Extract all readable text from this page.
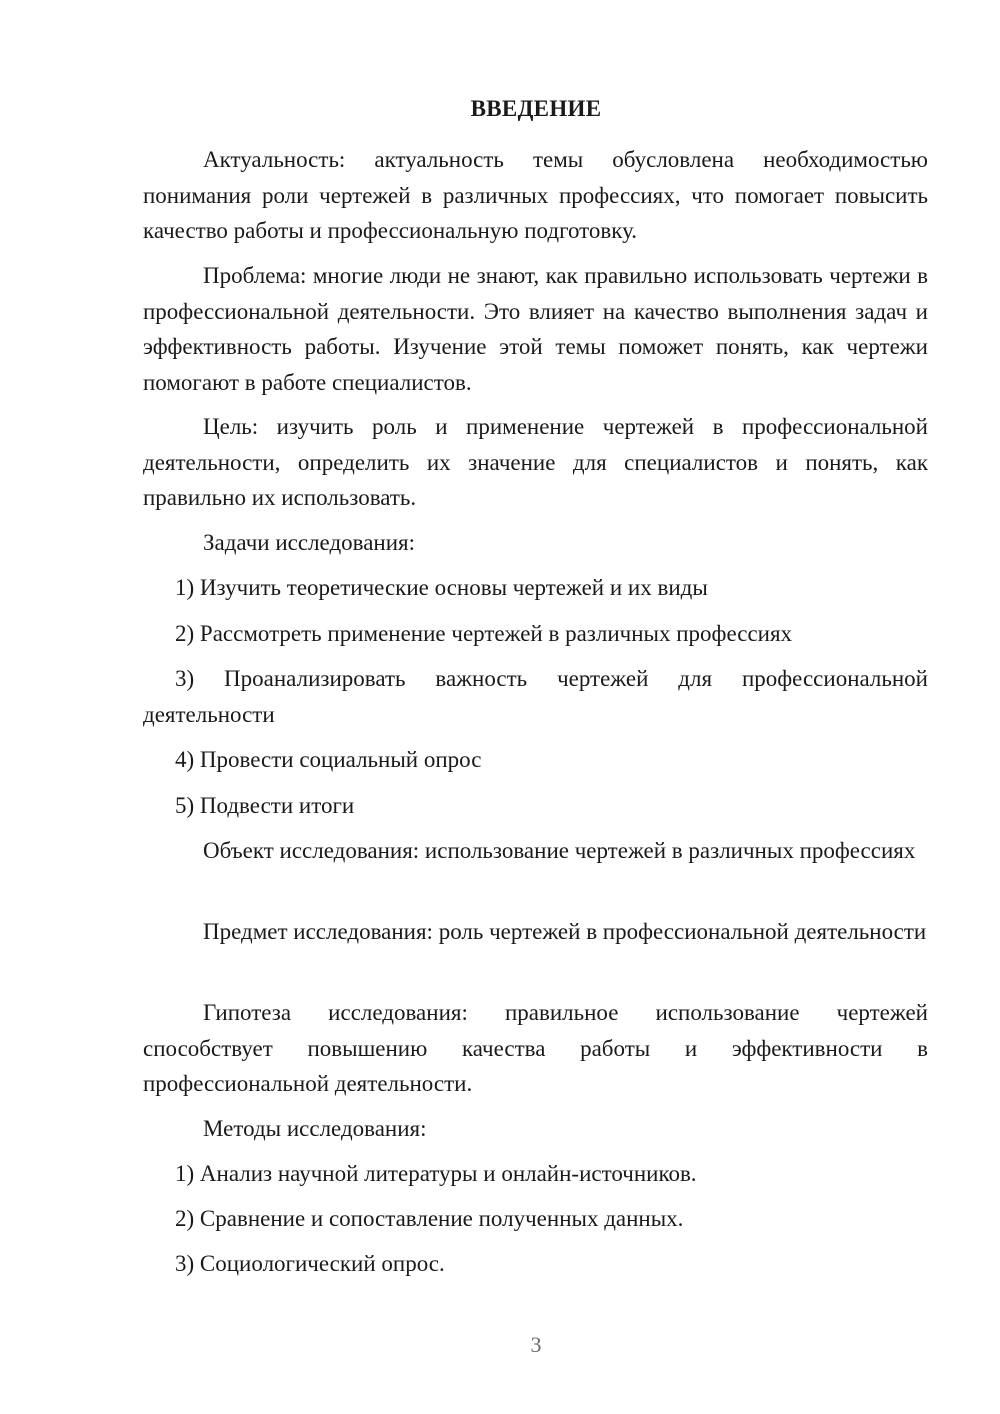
ВВЕДЕНИЕ

Актуальность: актуальность темы обусловлена необходимостью понимания роли чертежей в различных профессиях, что помогает повысить качество работы и профессиональную подготовку.

Проблема: многие люди не знают, как правильно использовать чертежи в профессиональной деятельности. Это влияет на качество выполнения задач и эффективность работы. Изучение этой темы поможет понять, как чертежи помогают в работе специалистов.

Цель: изучить роль и применение чертежей в профессиональной деятельности, определить их значение для специалистов и понять, как правильно их использовать.

Задачи исследования:

1) Изучить теоретические основы чертежей и их виды

2) Рассмотреть применение чертежей в различных профессиях

3) Проанализировать важность чертежей для профессиональной деятельности

4) Провести социальный опрос

5) Подвести итоги

Объект исследования: использование чертежей в различных профессиях

Предмет исследования: роль чертежей в профессиональной деятельности

Гипотеза исследования: правильное использование чертежей способствует повышению качества работы и эффективности в профессиональной деятельности.

Методы исследования:

1) Анализ научной литературы и онлайн-источников.

2) Сравнение и сопоставление полученных данных.

3) Социологический опрос.

3
